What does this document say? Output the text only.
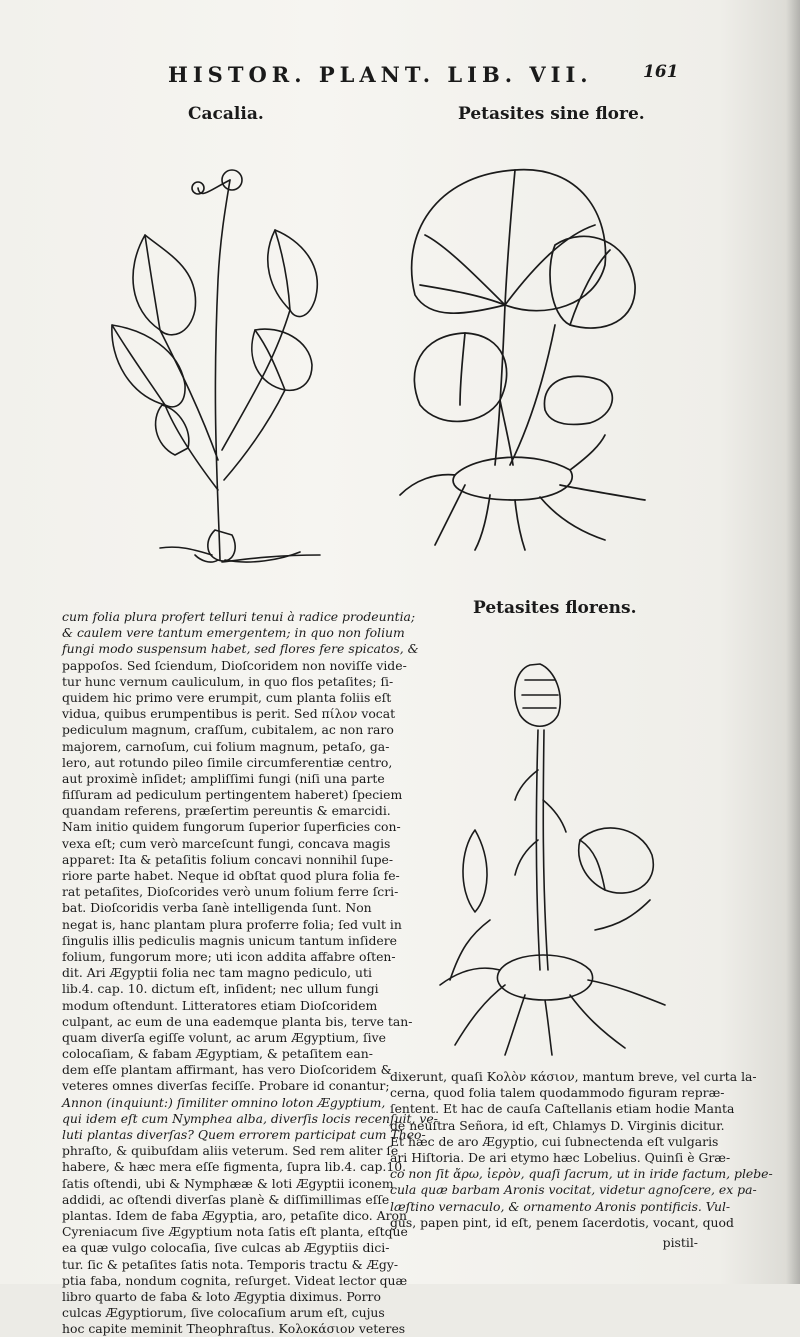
HISTOR. PLANT. LIB. VII.	161
Cacalia.	Petasites sine flore.
Petasites florens.
cum folia plura profert telluri tenui à radice prodeuntia;
& caulem vere tantum emergentem; in quo non folium
fungi modo suspensum habet, sed flores fere spicatos, &
pappoſos. Sed ſciendum, Dioſcoridem non noviſſe vide-
tur hunc vernum cauliculum, in quo flos petaſites; ſi-
quidem hic primo vere erumpit, cum planta foliis eſt
vidua, quibus erumpentibus is perit. Sed πίλον vocat
pediculum magnum, craſſum, cubitalem, ac non raro
majorem, carnoſum, cui folium magnum, petaſo, ga-
lero, aut rotundo pileo ſimile circumferentiæ centro,
aut proximè inſidet; ampliſſimi fungi (niſi una parte
fiſſuram ad pediculum pertingentem haberet) ſpeciem
quandam referens, præſertim pereuntis & emarcidi.
Nam initio quidem fungorum ſuperior ſuperficies con-
vexa eſt; cum verò marceſcunt fungi, concava magis
apparet: Ita & petaſitis folium concavi nonnihil ſupe-
riore parte habet. Neque id obſtat quod plura folia fe-
rat petaſites, Dioſcorides verò unum folium ferre ſcri-
bat. Dioſcoridis verba ſanè intelligenda ſunt. Non
negat is, hanc plantam plura proferre folia; ſed vult in
ſingulis illis pediculis magnis unicum tantum inſidere
folium, fungorum more; uti icon addita affabre oſten-
dit. Ari Ægyptii folia nec tam magno pediculo, uti
lib.4. cap. 10. dictum eſt, inſident; nec ullum fungi
modum oſtendunt. Litteratores etiam Dioſcoridem
culpant, ac eum de una eademque planta bis, terve tan-
quam diverſa egiſſe volunt, ac arum Ægyptium, ſive
colocaſiam, & fabam Ægyptiam, & petaſitem ean-
dem eſſe plantam affirmant, has vero Dioſcoridem &
veteres omnes diverſas feciſſe. Probare id conantur;
Annon (inquiunt:) ſimiliter omnino loton Ægyptium,
qui idem eſt cum Nymphea alba, diverſis locis recenſuit, ve-
luti plantas diverſas? Quem errorem participat cum Theo-
phraſto, & quibuſdam aliis veterum. Sed rem aliter ſe
habere, & hæc mera eſſe figmenta, ſupra lib.4. cap.10.
ſatis oſtendi, ubi & Nymphææ & loti Ægyptii iconem
addidi, ac oſtendi diverſas planè & diſſimillimas eſſe
plantas. Idem de faba Ægyptia, aro, petaſite dico. Aron
Cyreniacum ſive Ægyptium nota ſatis eſt planta, eſtque
ea quæ vulgo colocaſia, ſive culcas ab Ægyptiis dici-
tur. ſic & petaſites ſatis nota. Temporis tractu & Ægy-
ptia faba, nondum cognita, reſurget. Videat lector quæ
libro quarto de faba & loto Ægyptia diximus. Porro
culcas Ægyptiorum, ſive colocaſium arum eſt, cujus
hoc capite meminit Theophraſtus. Κολοκάσιον veteres
dixerunt, quaſi Κολὸν κάσιον, mantum breve, vel curta la-
cerna, quod folia talem quodammodo figuram repræ-
ſentent. Et hac de cauſa Caſtellanis etiam hodie Manta
de neuſtra Señora, id eſt, Chlamys D. Virginis dicitur.
Et hæc de aro Ægyptio, cui ſubnectenda eſt vulgaris
ari Hiſtoria. De ari etymo hæc Lobelius. Quinſi è Græ-
co non ſit ἄρω, ἱερὸν, quaſi ſacrum, ut in iride factum, plebe-
cula quæ barbam Aronis vocitat, videtur agnoſcere, ex pa-
læſtino vernaculo, & ornamento Aronis pontificis. Vul-
gus, papen pint, id eſt, penem ſacerdotis, vocant, quod
pistil-
